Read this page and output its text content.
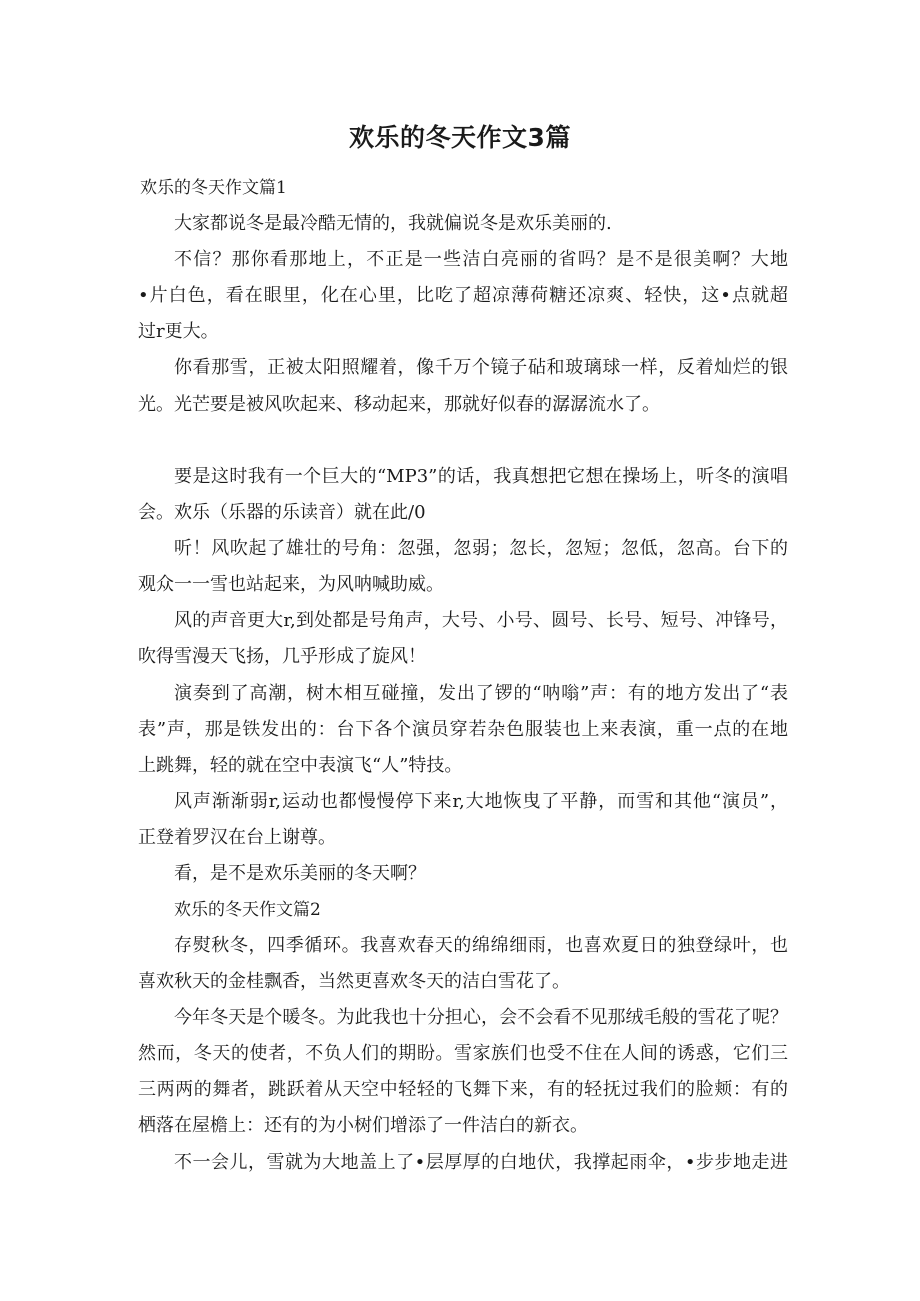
欢乐的冬天作文3篇
欢乐的冬天作文篇1
大家都说冬是最冷酷无情的，我就偏说冬是欢乐美丽的.
不信？那你看那地上，不正是一些洁白亮丽的省吗？是不是很美啊？大地
•片白色，看在眼里，化在心里，比吃了超凉薄荷糖还凉爽、轻快，这•点就超
过r更大。
你看那雪，正被太阳照耀着，像千万个镜子砧和玻璃球一样，反着灿烂的银
光。光芒要是被风吹起来、移动起来，那就好似春的潺潺流水了。
要是这时我有一个巨大的“MP3”的话，我真想把它想在操场上，听冬的演唱
会。欢乐（乐器的乐读音）就在此/0
听！风吹起了雄壮的号角：忽强，忽弱；忽长，忽短；忽低，忽高。台下的
观众一一雪也站起来，为风呐喊助威。
风的声音更大r,到处都是号角声，大号、小号、圆号、长号、短号、冲锋号，
吹得雪漫天飞扬，几乎形成了旋风！
演奏到了高潮，树木相互碰撞，发出了锣的“呐嗡”声：有的地方发出了“表
表”声，那是铁发出的：台下各个演员穿若杂色服装也上来表演，重一点的在地
上跳舞，轻的就在空中表演飞“人”特技。
风声渐渐弱r,运动也都慢慢停下来r,大地恢曳了平静，而雪和其他“演员”，
正登着罗汉在台上谢尊。
看，是不是欢乐美丽的冬天啊？
欢乐的冬天作文篇2
存熨秋冬，四季循环。我喜欢春天的绵绵细雨，也喜欢夏日的独登绿叶，也
喜欢秋天的金桂飘香，当然更喜欢冬天的洁白雪花了。
今年冬天是个暖冬。为此我也十分担心，会不会看不见那绒毛般的雪花了呢？
然而，冬天的使者，不负人们的期盼。雪家族们也受不住在人间的诱惑，它们三
三两两的舞者，跳跃着从天空中轻轻的飞舞下来，有的轻抚过我们的脸颊：有的
栖落在屋檐上：还有的为小树们增添了一件洁白的新衣。
不一会儿，雪就为大地盖上了•层厚厚的白地伏，我撑起雨伞，•步步地走进
